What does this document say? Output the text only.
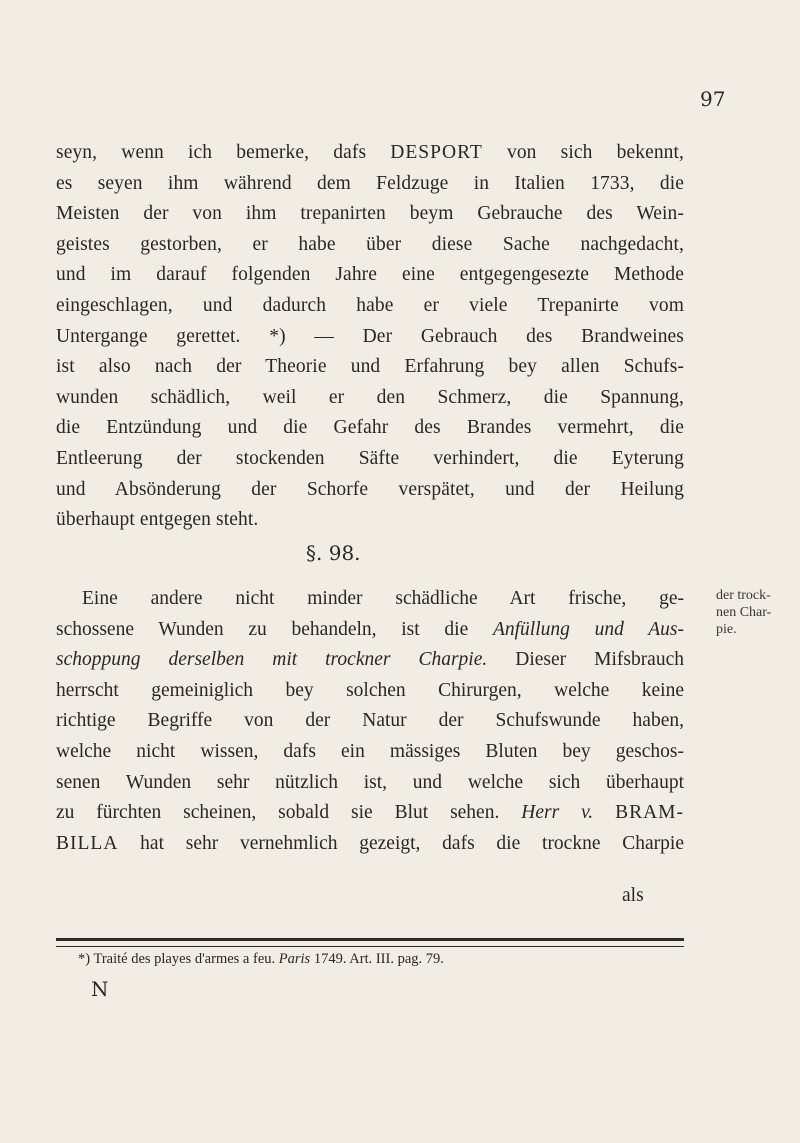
97
seyn, wenn ich bemerke, dafs DESPORT von sich bekennt,
es seyen ihm während dem Feldzuge in Italien 1733, die
Meisten der von ihm trepanirten beym Gebrauche des Wein-
geistes gestorben, er habe über diese Sache nachgedacht,
und im darauf folgenden Jahre eine entgegengesezte Methode
eingeschlagen, und dadurch habe er viele Trepanirte vom
Untergange gerettet. *) — Der Gebrauch des Brandweines
ist also nach der Theorie und Erfahrung bey allen Schufs-
wunden schädlich, weil er den Schmerz, die Spannung,
die Entzündung und die Gefahr des Brandes vermehrt, die
Entleerung der stockenden Säfte verhindert, die Eyterung
und Absönderung der Schorfe verspätet, und der Heilung
überhaupt entgegen steht.
§. 98.
Eine andere nicht minder schädliche Art frische, ge-
schossene Wunden zu behandeln, ist die Anfüllung und Aus-
schoppung derselben mit trockner Charpie. Dieser Mifsbrauch
herrscht gemeiniglich bey solchen Chirurgen, welche keine
richtige Begriffe von der Natur der Schufswunde haben,
welche nicht wissen, dafs ein mässiges Bluten bey geschos-
senen Wunden sehr nützlich ist, und welche sich überhaupt
zu fürchten scheinen, sobald sie Blut sehen. Herr v. BRAM-
BILLA hat sehr vernehmlich gezeigt, dafs die trockne Charpie
als
der trock-
nen Char-
pie.
*) Traité des playes d'armes a feu. Paris 1749. Art. III. pag. 79.
N
